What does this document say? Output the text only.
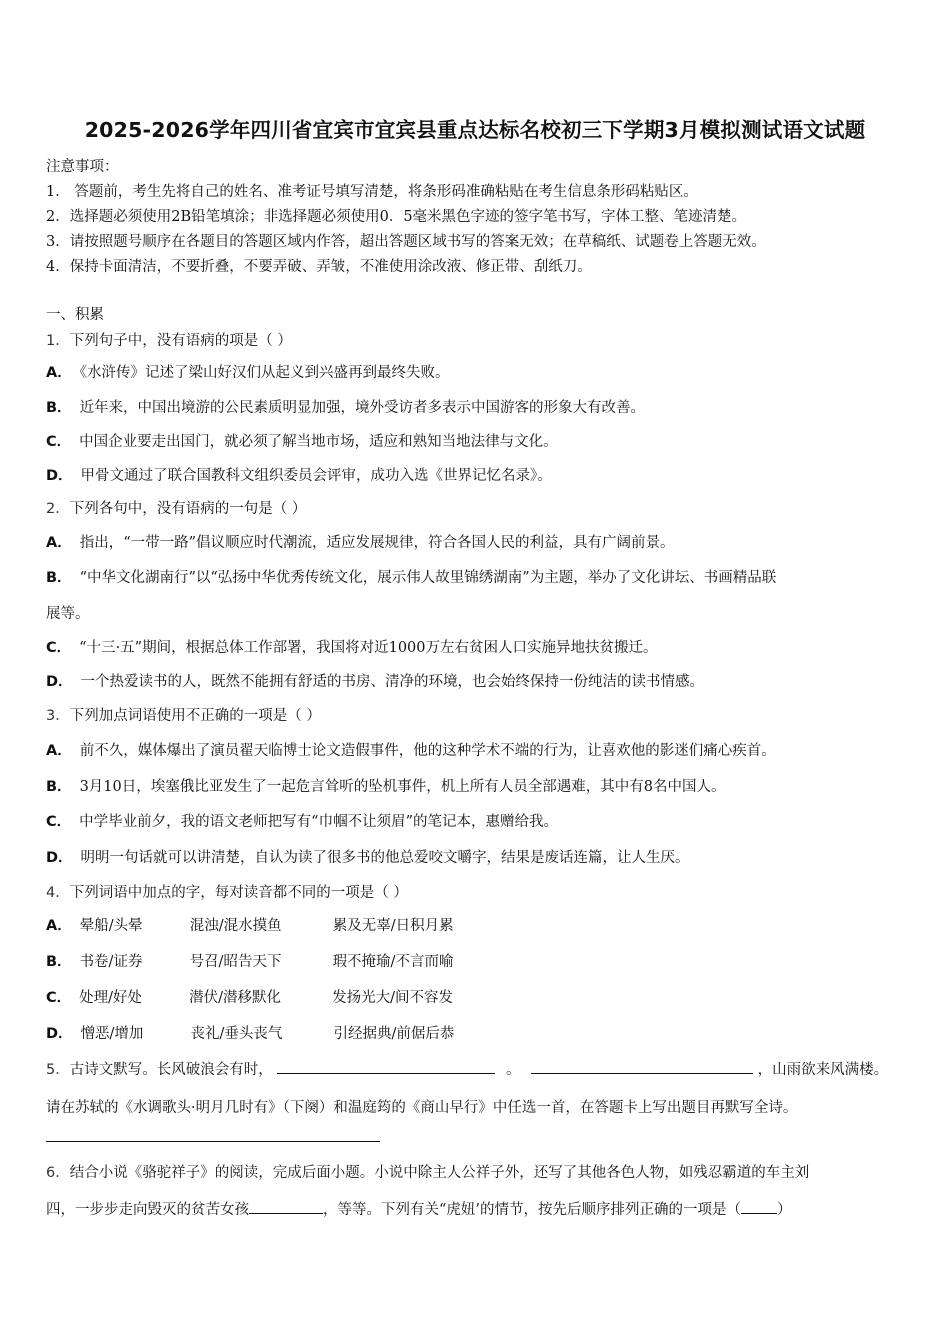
2025-2026学年四川省宜宾市宜宾县重点达标名校初三下学期3月模拟测试语文试题
注意事项：
1． 答题前，考生先将自己的姓名、准考证号填写清楚，将条形码准确粘贴在考生信息条形码粘贴区。
2．选择题必须使用2B铅笔填涂；非选择题必须使用0．5毫米黑色字迹的签字笔书写，字体工整、笔迹清楚。
3．请按照题号顺序在各题目的答题区域内作答，超出答题区域书写的答案无效；在草稿纸、试题卷上答题无效。
4．保持卡面清洁，不要折叠，不要弄破、弄皱，不准使用涂改液、修正带、刮纸刀。
一、积累
1．下列句子中，没有语病的项是（ ）
A． 《水浒传》记述了梁山好汉们从起义到兴盛再到最终失败。
B． 近年来，中国出境游的公民素质明显加强，境外受访者多表示中国游客的形象大有改善。
C． 中国企业要走出国门，就必须了解当地市场，适应和熟知当地法律与文化。
D． 甲骨文通过了联合国教科文组织委员会评审，成功入选《世界记忆名录》。
2．下列各句中，没有语病的一句是（ ）
A． 指出，“一带一路”倡议顺应时代潮流，适应发展规律，符合各国人民的利益，具有广阔前景。
B． “中华文化湖南行”以“弘扬中华优秀传统文化，展示伟人故里锦绣湖南”为主题，举办了文化讲坛、书画精品联
展等。
C． “十三·五”期间，根据总体工作部署，我国将对近1000万左右贫困人口实施异地扶贫搬迁。
D． 一个热爱读书的人，既然不能拥有舒适的书房、清净的环境，也会始终保持一份纯洁的读书情感。
3．下列加点词语使用不正确的一项是（ ）
A． 前不久，媒体爆出了演员翟天临博士论文造假事件，他的这种学术不端的行为，让喜欢他的影迷们痛心疾首。
B． 3月10日，埃塞俄比亚发生了一起危言耸听的坠机事件，机上所有人员全部遇难，其中有8名中国人。
C． 中学毕业前夕，我的语文老师把写有“巾帼不让须眉”的笔记本，惠赠给我。
D． 明明一句话就可以讲清楚，自认为读了很多书的他总爱咬文嚼字，结果是废话连篇，让人生厌。
4．下列词语中加点的字，每对读音都不同的一项是（ ）
A． 晕船/头晕	混浊/混水摸鱼	累及无辜/日积月累
B． 书卷/证券	号召/昭告天下	瑕不掩瑜/不言而喻
C． 处理/好处	潜伏/潜移默化	发扬光大/间不容发
D． 憎恶/增加	丧礼/垂头丧气	引经据典/前倨后恭
5．古诗文默写。长风破浪会有时，	。	，山雨欲来风满楼。
请在苏轼的《水调歌头·明月几时有》（下阕）和温庭筠的《商山早行》中任选一首，在答题卡上写出题目再默写全诗。
6．结合小说《骆驼祥子》的阅读，完成后面小题。小说中除主人公祥子外，还写了其他各色人物，如残忍霸道的车主刘
四，一步步走向毁灭的贫苦女孩	，等等。下列有关“虎妞’的情节，按先后顺序排列正确的一项是（ ）
